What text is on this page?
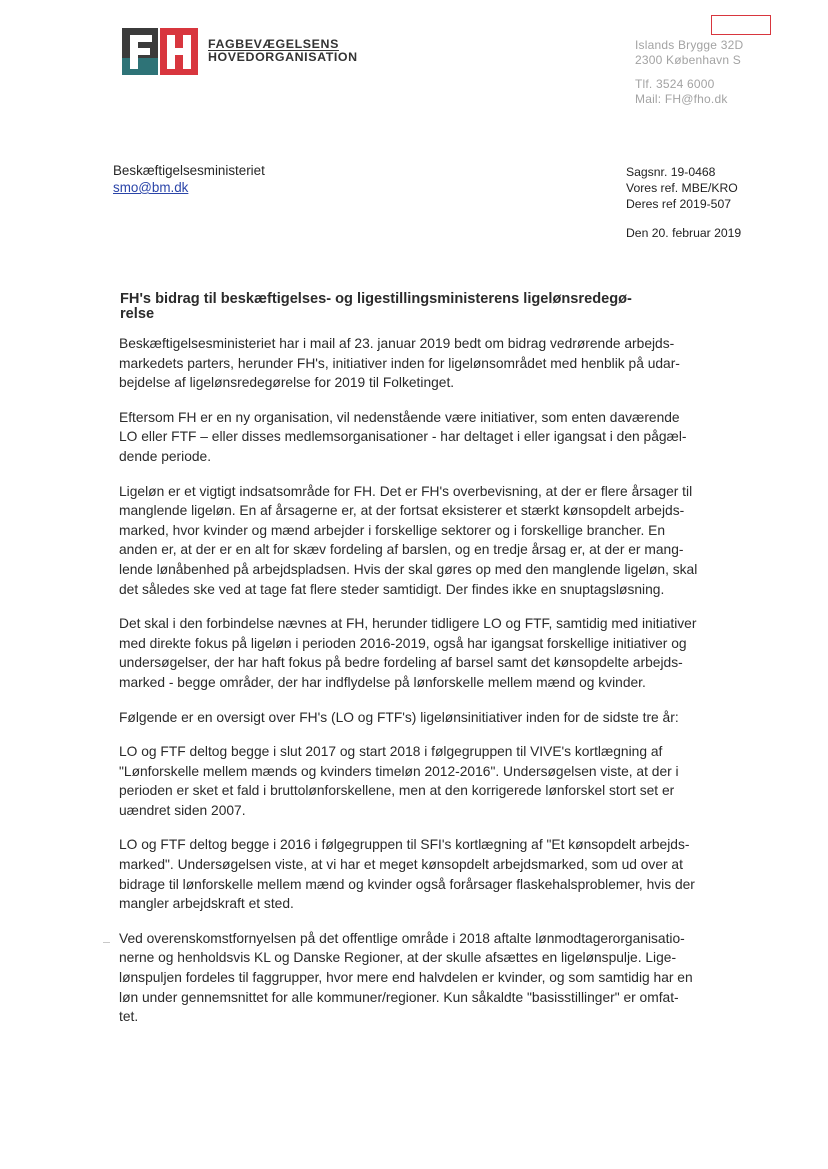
FAGBEVÆGELSENS
HOVEDORGANISATION
Islands Brygge 32D
2300 København S
Tlf. 3524 6000
Mail: FH@fho.dk
Beskæftigelsesministeriet
smo@bm.dk
Sagsnr. 19-0468
Vores ref. MBE/KRO
Deres ref 2019-507
Den 20. februar 2019
FH's bidrag til beskæftigelses- og ligestillingsministerens ligelønsredegø-
relse

Beskæftigelsesministeriet har i mail af 23. januar 2019 bedt om bidrag vedrørende arbejds-
markedets parters, herunder FH's, initiativer inden for ligelønsområdet med henblik på udar-
bejdelse af ligelønsredegørelse for 2019 til Folketinget.

Eftersom FH er en ny organisation, vil nedenstående være initiativer, som enten daværende
LO eller FTF – eller disses medlemsorganisationer - har deltaget i eller igangsat i den pågæl-
dende periode.

Ligeløn er et vigtigt indsatsområde for FH. Det er FH's overbevisning, at der er flere årsager til
manglende ligeløn. En af årsagerne er, at der fortsat eksisterer et stærkt kønsopdelt arbejds-
marked, hvor kvinder og mænd arbejder i forskellige sektorer og i forskellige brancher. En
anden er, at der er en alt for skæv fordeling af barslen, og en tredje årsag er, at der er mang-
lende lønåbenhed på arbejdspladsen. Hvis der skal gøres op med den manglende ligeløn, skal
det således ske ved at tage fat flere steder samtidigt. Der findes ikke en snuptagsløsning.

Det skal i den forbindelse nævnes at FH, herunder tidligere LO og FTF, samtidig med initiativer
med direkte fokus på ligeløn i perioden 2016-2019, også har igangsat forskellige initiativer og
undersøgelser, der har haft fokus på bedre fordeling af barsel samt det kønsopdelte arbejds-
marked - begge områder, der har indflydelse på lønforskelle mellem mænd og kvinder.

Følgende er en oversigt over FH's (LO og FTF's) ligelønsinitiativer inden for de sidste tre år:

LO og FTF deltog begge i slut 2017 og start 2018 i følgegruppen til VIVE's kortlægning af
"Lønforskelle mellem mænds og kvinders timeløn 2012-2016". Undersøgelsen viste, at der i
perioden er sket et fald i bruttolønforskellene, men at den korrigerede lønforskel stort set er
uændret siden 2007.

LO og FTF deltog begge i 2016 i følgegruppen til SFI's kortlægning af "Et kønsopdelt arbejds-
marked". Undersøgelsen viste, at vi har et meget kønsopdelt arbejdsmarked, som ud over at
bidrage til lønforskelle mellem mænd og kvinder også forårsager flaskehalsproblemer, hvis der
mangler arbejdskraft et sted.

Ved overenskomstfornyelsen på det offentlige område i 2018 aftalte lønmodtagerorganisatio-
nerne og henholdsvis KL og Danske Regioner, at der skulle afsættes en ligelønspulje. Lige-
lønspuljen fordeles til faggrupper, hvor mere end halvdelen er kvinder, og som samtidig har en
løn under gennemsnittet for alle kommuner/regioner. Kun såkaldte "basisstillinger" er omfat-
tet.
